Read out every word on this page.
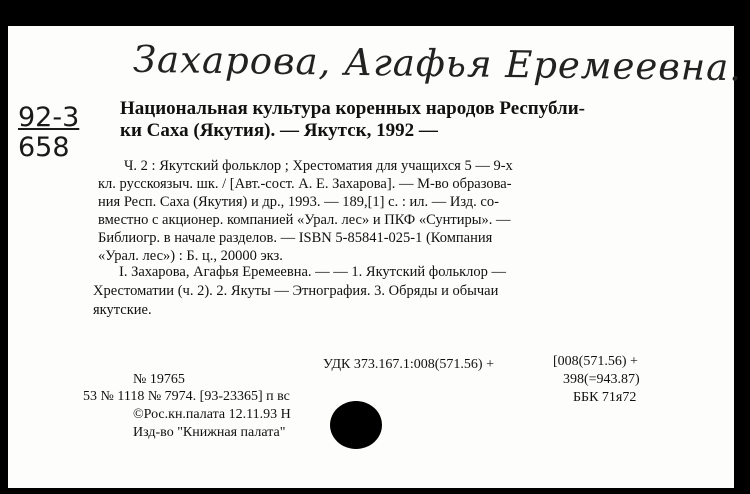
Захарова, Агафья Еремеевна.
92-3
658
Национальная культура коренных народов Республи-
ки Саха (Якутия). — Якутск, 1992 —
Ч. 2 : Якутский фольклор ; Хрестоматия для учащихся 5 — 9-х
кл. русскоязыч. шк. / [Авт.-сост. А. Е. Захарова]. — М-во образова-
ния Респ. Саха (Якутия) и др., 1993. — 189,[1] с. : ил. — Изд. со-
вместно с акционер. компанией «Урал. лес» и ПКФ «Сунтиры». —
Библиогр. в начале разделов. — ISBN 5-85841-025-1 (Компания
«Урал. лес») : Б. ц., 20000 экз.
I. Захарова, Агафья Еремеевна. — — 1. Якутский фольклор —
Хрестоматии (ч. 2). 2. Якуты — Этнография. 3. Обряды и обычаи
якутские.
УДК 373.167.1:008(571.56) +	[008(571.56) +
398(=943.87)
ББК 71я72
№ 19765
53 № 1118 № 7974. [93-23365] п вс
©Рос.кн.палата 12.11.93 Н
Изд-во "Книжная палата"
